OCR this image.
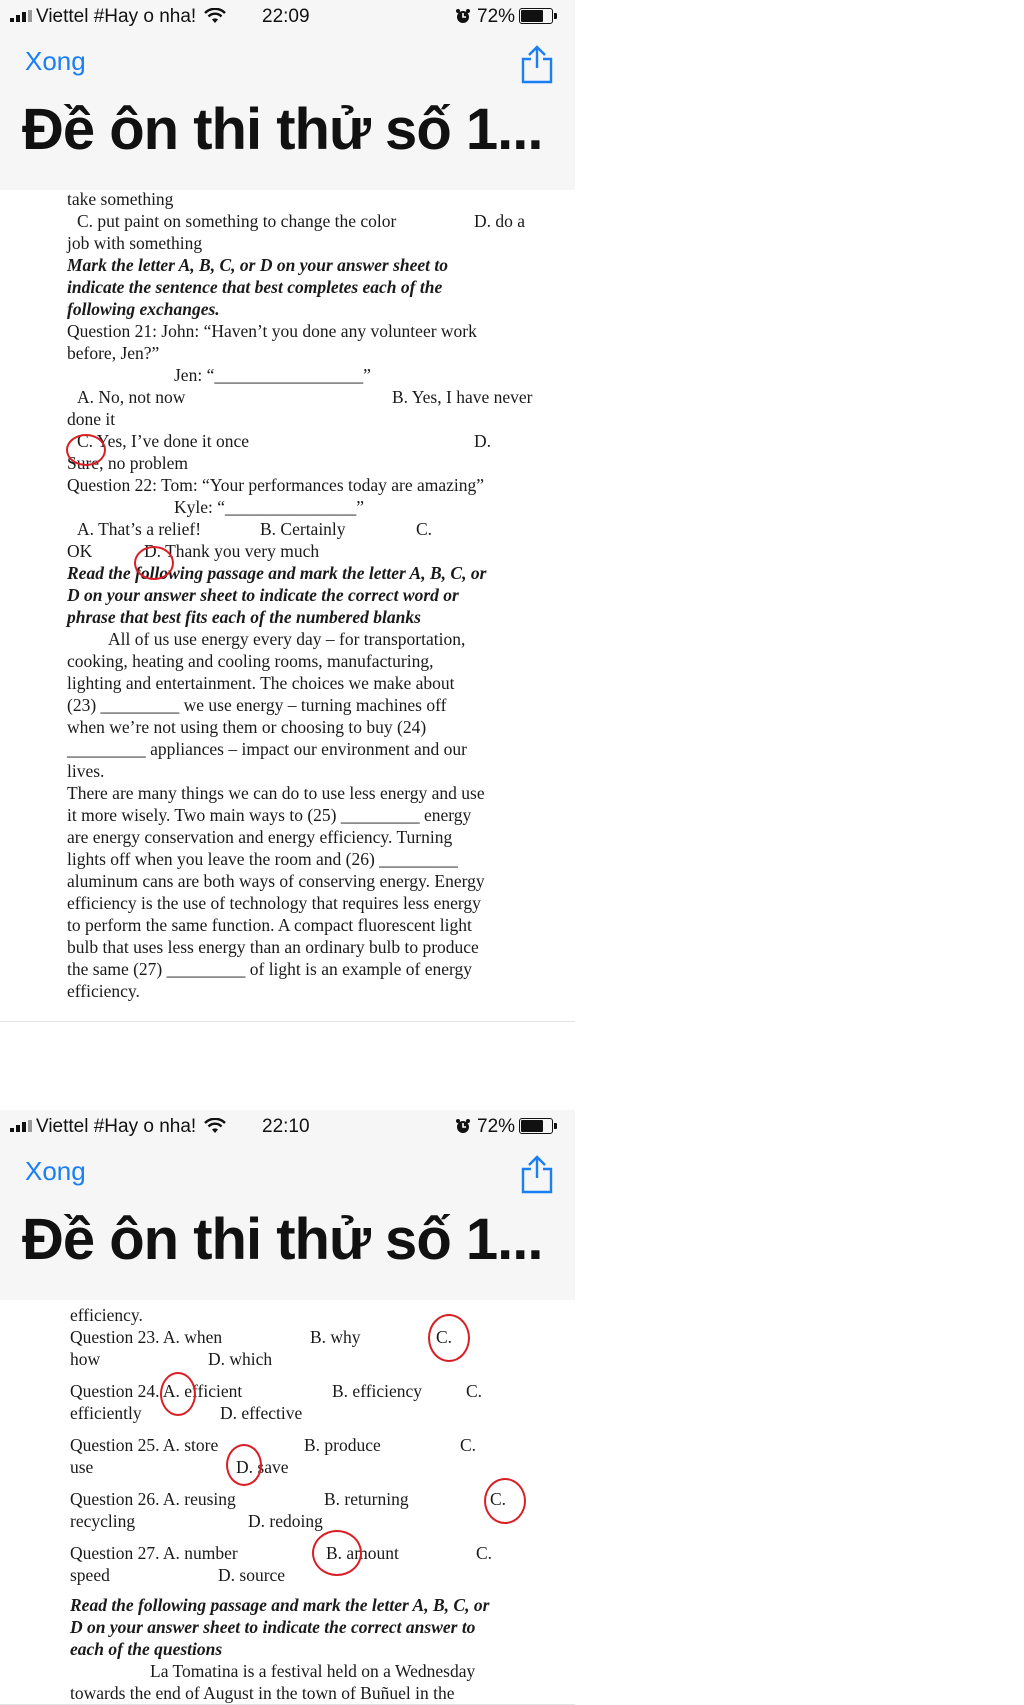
Viettel #Hay o nha!	22:09	72%
Xong
Đề ôn thi thử số 1...
take something
C. put paint on something to change the color	D. do a
job with something
Mark the letter A, B, C, or D on your answer sheet to
indicate the sentence that best completes each of the
following exchanges.
Question 21: John: “Haven’t you done any volunteer work
before, Jen?”
Jen: “_________________”
A. No, not now	B. Yes, I have never
done it
C. Yes, I’ve done it once	D.
Sure, no problem
Question 22: Tom: “Your performances today are amazing”
Kyle: “_______________”
A. That’s a relief!	B. Certainly	C.
OK	D. Thank you very much
Read the following passage and mark the letter A, B, C, or
D on your answer sheet to indicate the correct word or
phrase that best fits each of the numbered blanks
All of us use energy every day – for transportation,
cooking, heating and cooling rooms, manufacturing,
lighting and entertainment. The choices we make about
(23) _________ we use energy – turning machines off
when we’re not using them or choosing to buy (24)
_________ appliances – impact our environment and our
lives.
There are many things we can do to use less energy and use
it more wisely. Two main ways to (25) _________ energy
are energy conservation and energy efficiency. Turning
lights off when you leave the room and (26) _________
aluminum cans are both ways of conserving energy. Energy
efficiency is the use of technology that requires less energy
to perform the same function. A compact fluorescent light
bulb that uses less energy than an ordinary bulb to produce
the same (27) _________ of light is an example of energy
efficiency.
Viettel #Hay o nha!	22:10	72%
Xong
Đề ôn thi thử số 1...
efficiency.
Question 23. A. when	B. why	C.
how	D. which
Question 24. A. efficient	B. efficiency	C.
efficiently	D. effective
Question 25. A. store	B. produce	C.
use	D. save
Question 26. A. reusing	B. returning	C.
recycling	D. redoing
Question 27. A. number	B. amount	C.
speed	D. source
Read the following passage and mark the letter A, B, C, or
D on your answer sheet to indicate the correct answer to
each of the questions
La Tomatina is a festival held on a Wednesday
towards the end of August in the town of Buñuel in the
